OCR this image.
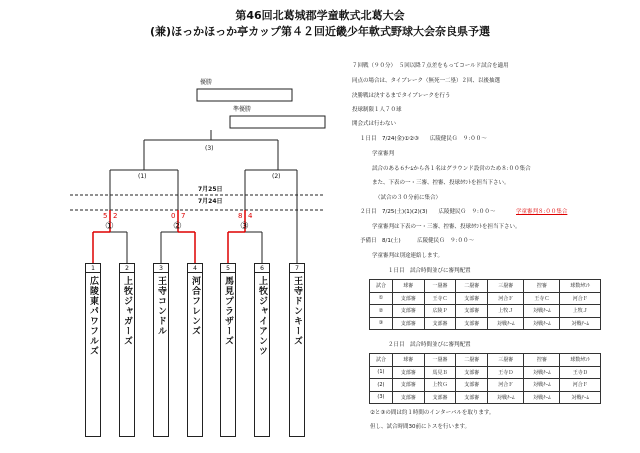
第46回北葛城郡学童軟式北葛大会
(兼)ほっかほっか亭カップ第４２回近畿少年軟式野球大会奈良県予選
優勝
準優勝
(3)
(1)	(2)
7月25日
7月24日
5 2	0 7	8 4
①	②	③
1
広陵東パワフルズ
2
上牧ジャガーズ
3
王寺コンドル
4
河合フレンズ
5
馬見プラザーズ
6
上牧ジャイアンツ
7
王寺ドンキーズ
７回戦（９０分）　５回以降７点差をもってコールド試合を適用
同点の場合は、タイブレーク（無死一二塁）２回、以後抽選
決勝戦は決するまでタイブレークを行う
投球制限１人７０球
開会式は行わない
１日目　7/24(金)①②③　　広陵健民Ｇ　９:００～
学童審判
試合のある６ﾁｰﾑから各１名はグラウンド設営のため８:００集合
また、下表の一・三審、控審、投球ｶｳﾝﾄを担当下さい。
（試合の３０分前に集合）
２日目　7/25(土)(1)(2)(3)　　広陵健民Ｇ　９:００～	学童審判８:００集合
学童審判は下表の一・三審、控審、投球ｶｳﾝﾄを担当下さい。
予備日　8/1(土)　　　広陵健民Ｇ　９:００～
学童審判は別途連絡します。
１日目　試合時間並びに審判配置
試合	球審	一塁審	二塁審	三塁審	控審	球数ｶｳﾝﾄ
①	支部審	王寺Ｃ	支部審	河合Ｆ	王寺Ｃ	河合Ｆ
②	支部審	広陵Ｐ	支部審	上牧Ｊ	対戦ﾁｰﾑ	上牧Ｊ
③	支部審	支部審	支部審	対戦ﾁｰﾑ	対戦ﾁｰﾑ	対戦ﾁｰﾑ
２日目　試合時間並びに審判配置
試合	球審	一塁審	二塁審	三塁審	控審	球数ｶｳﾝﾄ
(1)	支部審	馬見Ｂ	支部審	王寺Ｄ	対戦ﾁｰﾑ	王寺Ｄ
(2)	支部審	上牧Ｇ	支部審	河合Ｆ	対戦ﾁｰﾑ	河合Ｆ
(3)	支部審	支部審	支部審	対戦ﾁｰﾑ	対戦ﾁｰﾑ	対戦ﾁｰﾑ
②と③の間は約１時間のインターバルを取ります。
但し、試合時間30前にトスを行います。
